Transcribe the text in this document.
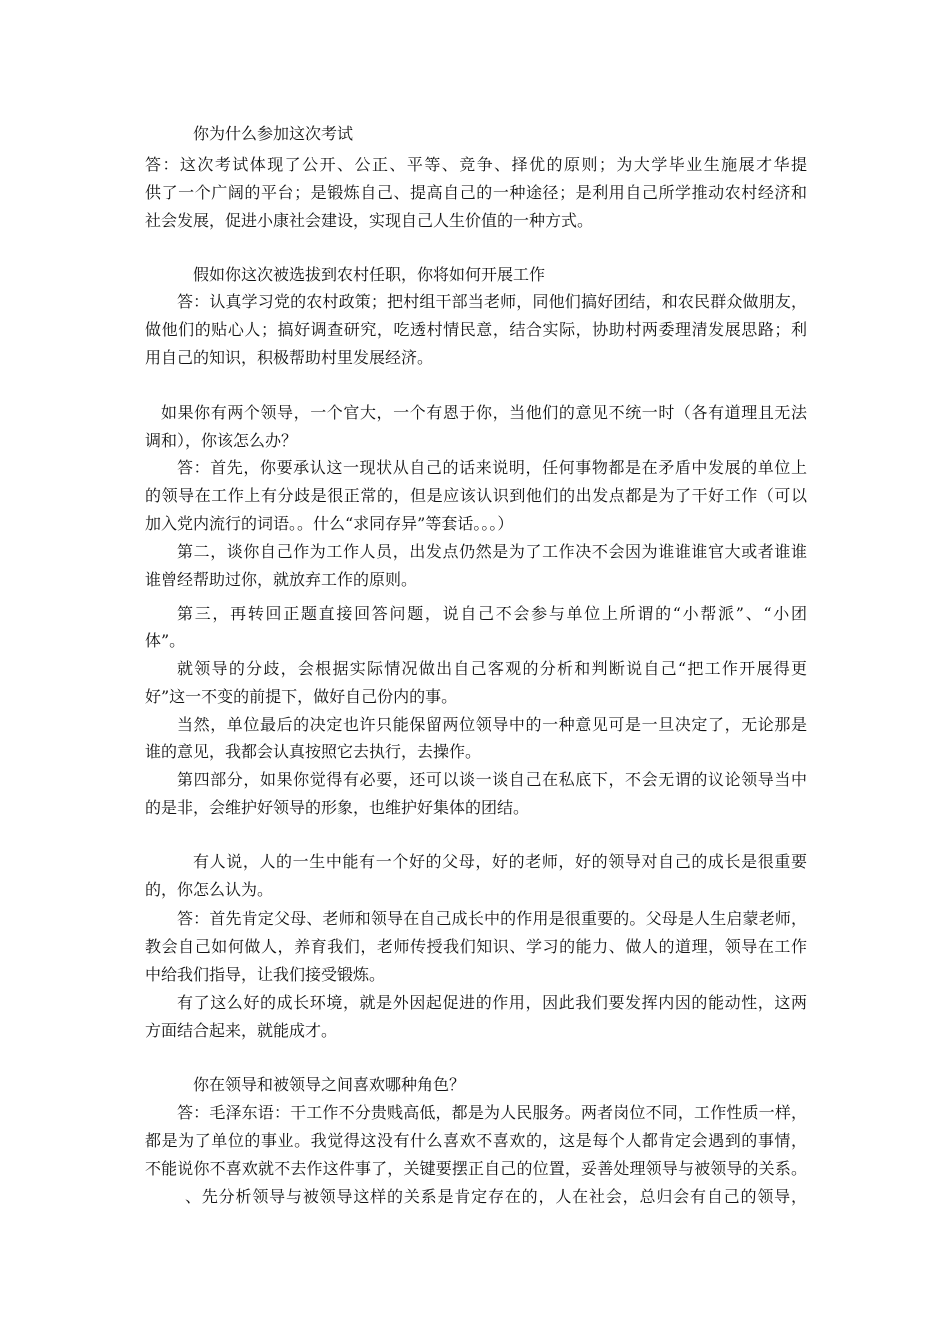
你为什么参加这次考试
答：这次考试体现了公开、公正、平等、竞争、择优的原则；为大学毕业生施展才华提
供了一个广阔的平台；是锻炼自己、提高自己的一种途径；是利用自己所学推动农村经济和
社会发展，促进小康社会建设，实现自己人生价值的一种方式。
假如你这次被选拔到农村任职，你将如何开展工作
答：认真学习党的农村政策；把村组干部当老师，同他们搞好团结，和农民群众做朋友，
做他们的贴心人；搞好调查研究，吃透村情民意，结合实际，协助村两委理清发展思路；利
用自己的知识，积极帮助村里发展经济。
如果你有两个领导，一个官大，一个有恩于你，当他们的意见不统一时（各有道理且无法
调和），你该怎么办？
答：首先，你要承认这一现状从自己的话来说明，任何事物都是在矛盾中发展的单位上
的领导在工作上有分歧是很正常的，但是应该认识到他们的出发点都是为了干好工作（可以
加入党内流行的词语。。什么“求同存异”等套话。。。）
第二，谈你自己作为工作人员，出发点仍然是为了工作决不会因为谁谁谁官大或者谁谁
谁曾经帮助过你，就放弃工作的原则。
第三，再转回正题直接回答问题，说自己不会参与单位上所谓的“小帮派”、“小团
体”。
就领导的分歧，会根据实际情况做出自己客观的分析和判断说自己“把工作开展得更
好”这一不变的前提下，做好自己份内的事。
当然，单位最后的决定也许只能保留两位领导中的一种意见可是一旦决定了，无论那是
谁的意见，我都会认真按照它去执行，去操作。
第四部分，如果你觉得有必要，还可以谈一谈自己在私底下，不会无谓的议论领导当中
的是非，会维护好领导的形象，也维护好集体的团结。
有人说，人的一生中能有一个好的父母，好的老师，好的领导对自己的成长是很重要
的，你怎么认为。
答：首先肯定父母、老师和领导在自己成长中的作用是很重要的。父母是人生启蒙老师，
教会自己如何做人，养育我们，老师传授我们知识、学习的能力、做人的道理，领导在工作
中给我们指导，让我们接受锻炼。
有了这么好的成长环境，就是外因起促进的作用，因此我们要发挥内因的能动性，这两
方面结合起来，就能成才。
你在领导和被领导之间喜欢哪种角色？
答：毛泽东语：干工作不分贵贱高低，都是为人民服务。两者岗位不同，工作性质一样，
都是为了单位的事业。我觉得这没有什么喜欢不喜欢的，这是每个人都肯定会遇到的事情，
不能说你不喜欢就不去作这件事了，关键要摆正自己的位置，妥善处理领导与被领导的关系。
、先分析领导与被领导这样的关系是肯定存在的，人在社会，总归会有自己的领导，
